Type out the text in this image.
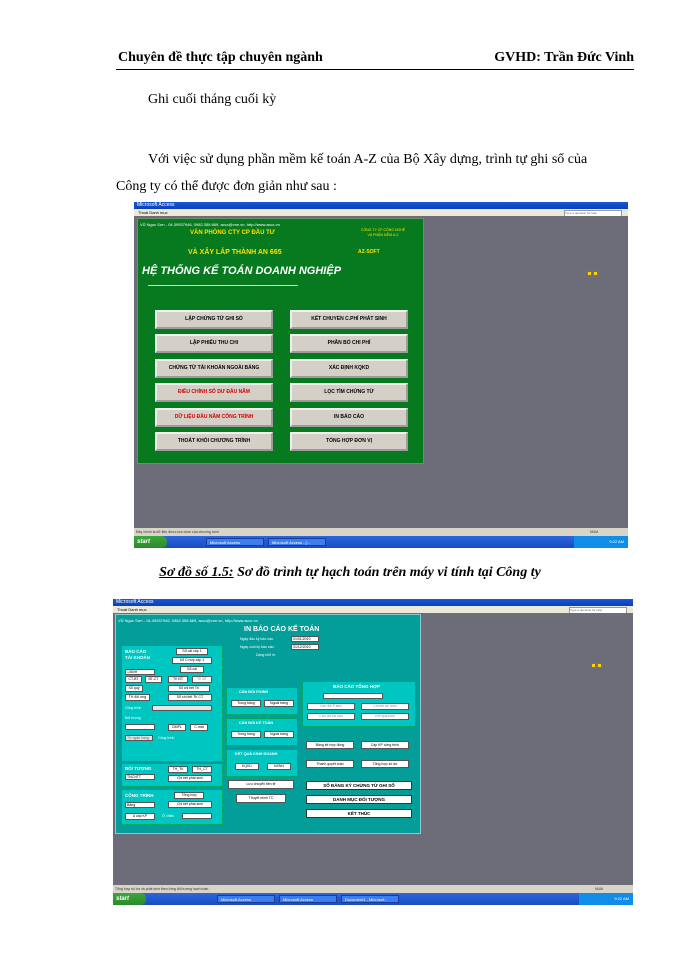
Chuyên đề thực tập chuyên ngành	GVHD: Trần Đức Vinh
Ghi cuối tháng cuối kỳ
Với việc sử dụng phần mềm kế toán A-Z của Bộ Xây dựng, trình tự ghi sổ của
Công ty có thể được đơn giản như sau :
Microsoft Access
Thoát Danh mục	Type a question for help
VŨ Ngọc Sơn - 04.39937946, 0982.358.669, accc@vnn.vn, http://www.accc.vn
VĂN PHÒNG CTY CP ĐẦU TƯ
VÀ XÂY LẮP THÀNH AN 665
HỆ THỐNG KẾ TOÁN DOANH NGHIỆP
CÔNG TY CP CÔNG NGHỆ
VÀ PHẦN MỀM A-Z
AZ-SOFT
LẬP CHỨNG TỪ GHI SỔ
LẬP PHIẾU THU CHI
CHỨNG TỪ TÀI KHOẢN NGOÀI BẢNG
ĐIỀU CHỈNH SỐ DƯ ĐẦU NĂM
DỮ LIỆU ĐẦU NĂM CÔNG TRÌNH
THOÁT KHỎI CHƯƠNG TRÌNH
KẾT CHUYỂN C.PHÍ PHÁT SINH
PHÂN BỔ CHI PHÍ
XÁC ĐỊNH KQKD
LỌC TÌM CHỨNG TỪ
IN BÁO CÁO
TỔNG HỢP ĐƠN VỊ
Đây chính là dữ liệu được lựa chọn của chương trình	NUM
start	Microsoft Access	Microsoft Access - [...	9:22 AM
Sơ đồ số 1.5: Sơ đồ trình tự hạch toán trên máy vi tính tại Công ty
Microsoft Access
Thoát Danh mục	Type a question for help
VŨ Ngọc Sơn - 04.39937946, 0982.358.669, accc@vnn.vn, http://www.accc.vn
IN BÁO CÁO KẾ TOÁN
Ngày đầu kỳ báo cáo:	01/01/2010
Ngày cuối kỳ báo cáo:	31/12/2010
Dạng khổ in:
BÁO CÁO TÀI KHOẢN
1360H
Sổ cái cấp 1
Sổ C.hợp cấp 1
Sổ cái
CT-BT	BT-CT	TK ĐT	TK BT
Sổ quỹ	Sổ chi tiết TK
TH đối ứng	Sổ chi tiết TK CT
Công trình
Đối tượng
DMPL	C.mát
TK ngân hàng	Công trình
ĐỐI TƯỢNG
TNCNTT
TH_TK	TH_CT
Chi tiết phát sinh
CÔNG TRÌNH
Bảng
Tổng hợp
Chi tiết phát sinh
A cấp KP	Ở chiều
CÂN ĐỐI P.SINH
Trong bảng	Ngoài bảng
CÂN ĐỐI KẾ TOÁN
Trong bảng	Ngoài bảng
KẾT QUẢ KINH DOANH
KQKD	NSNN
Lưu chuyển tiền tệ
Thuyết minh TC
BÁO CÁO TỔNG HỢP
Cân đối P.sinh	Chi tiết kê toán
Cân đối tài sản	Kết quả kinh
Bảng kê hợp đồng	Cấp KP công trình
Thanh quyết toán	Tổng hợp số dư
SỔ ĐĂNG KÝ CHỨNG TỪ GHI SỔ
DANH MỤC ĐỐI TƯỢNG
KẾT THÚC
Tổng hợp số dư và phát sinh theo từng đối tượng hạch toán	NUM
start	Microsoft Access	Microsoft Access	Document1 - Microsof...	9:22 AM
